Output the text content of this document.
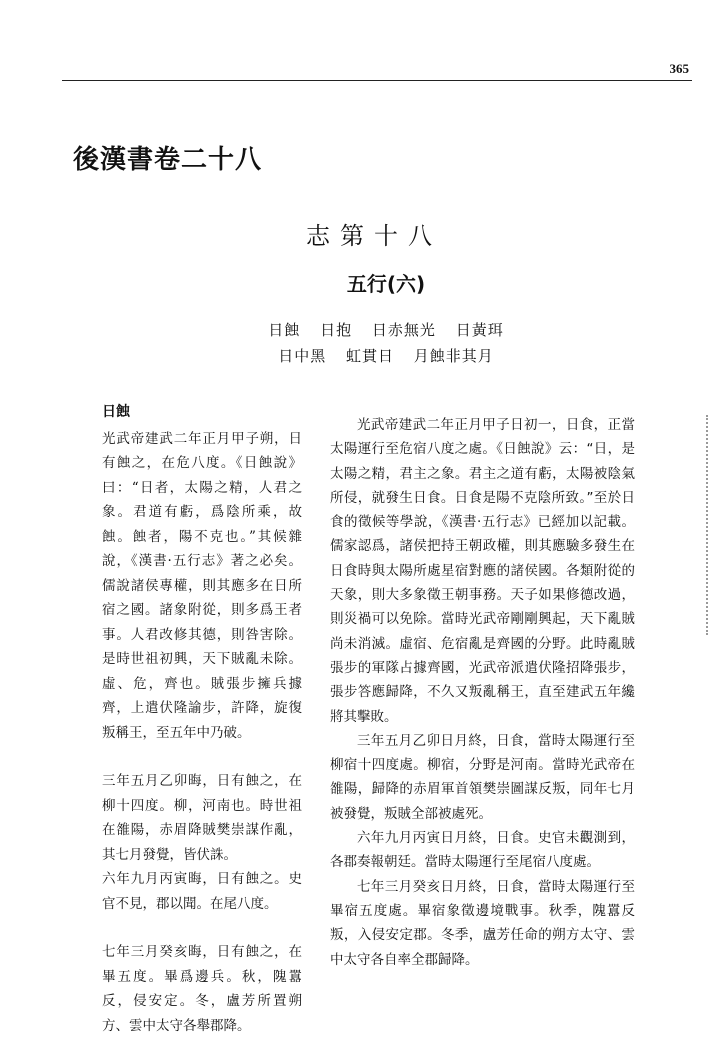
365
後漢書卷二十八
志第十八
五行(六)
日蝕 日抱 日赤無光 日黃珥
日中黑 虹貫日 月蝕非其月
日蝕

光武帝建武二年正月甲子朔，日有蝕之，在危八度。《日蝕說》曰：“日者，太陽之精，人君之象。君道有虧，爲陰所乘，故蝕。蝕者，陽不克也。”其候雜說，《漢書·五行志》著之必矣。儒說諸侯專權，則其應多在日所宿之國。諸象附從，則多爲王者事。人君改修其德，則咎害除。是時世祖初興，天下賊亂未除。虛、危，齊也。賊張步擁兵據齊，上遣伏隆諭步，許降，旋復叛稱王，至五年中乃破。

三年五月乙卯晦，日有蝕之，在柳十四度。柳，河南也。時世祖在雒陽，赤眉降賊樊崇謀作亂，其七月發覺，皆伏誅。

六年九月丙寅晦，日有蝕之。史官不見，郡以聞。在尾八度。

七年三月癸亥晦，日有蝕之，在畢五度。畢爲邊兵。秋，隗囂反，侵安定。冬，盧芳所置朔方、雲中太守各舉郡降。

光武帝建武二年正月甲子日初一，日食，正當太陽運行至危宿八度之處。《日蝕說》云：“日，是太陽之精，君主之象。君主之道有虧，太陽被陰氣所侵，就發生日食。日食是陽不克陰所致。”至於日食的徵候等學說，《漢書·五行志》已經加以記載。儒家認爲，諸侯把持王朝政權，則其應驗多發生在日食時與太陽所處星宿對應的諸侯國。各類附從的天象，則大多象徵王朝事務。天子如果修德改過，則災禍可以免除。當時光武帝剛剛興起，天下亂賊尚未消滅。虛宿、危宿亂是齊國的分野。此時亂賊張步的軍隊占據齊國，光武帝派遣伏隆招降張步，張步答應歸降，不久又叛亂稱王，直至建武五年纔將其擊敗。

三年五月乙卯日月終，日食，當時太陽運行至柳宿十四度處。柳宿，分野是河南。當時光武帝在雒陽，歸降的赤眉軍首領樊崇圖謀反叛，同年七月被發覺，叛賊全部被處死。

六年九月丙寅日月終，日食。史官未觀測到，各郡奏報朝廷。當時太陽運行至尾宿八度處。

七年三月癸亥日月終，日食，當時太陽運行至畢宿五度處。畢宿象徵邊境戰事。秋季，隗囂反叛，入侵安定郡。冬季，盧芳任命的朔方太守、雲中太守各自率全郡歸降。
